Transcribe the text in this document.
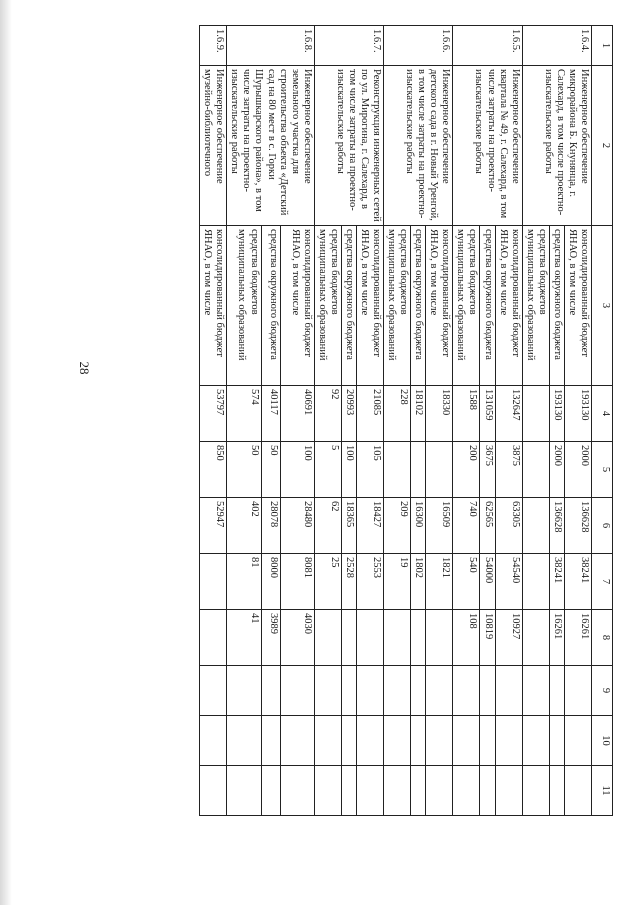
28
1	2	3	4	5	6	7	8	9	10	11
1.6.4.	Инженерное обеспечение микрорайона Б. Кнунянца, г. Салехард, в том числе проектно-изыскательские работы	консолидированный бюджет ЯНАО, в том числе	193130	2000	136628	38241	16261			
		средства окружного бюджета	193130	2000	136628	38241	16261			
		средства бюджетов муниципальных образований								
1.6.5.	Инженерное обеспечение квартала № 49, г. Салехард, в том числе затраты на проектно-изыскательские работы	консолидированный бюджет ЯНАО, в том числе	132647	3875	63305	54540	10927			
		средства окружного бюджета	131059	3675	62565	54000	10819			
		средства бюджетов муниципальных образований	1588	200	740	540	108			
1.6.6.	Инженерное обеспечение детского сада в г. Новый Уренгой, в том числе затраты на проектно-изыскательские работы	консолидированный бюджет ЯНАО, в том числе	18330		16509	1821				
		средства окружного бюджета	18102		16300	1802				
		средства бюджетов муниципальных образований	228		209	19				
1.6.7.	Реконструкция инженерных сетей по ул. Мирогина, г. Салехард, в том числе затраты на проектно-изыскательские работы	консолидированный бюджет ЯНАО, в том числе	21085	105	18427	2553				
		средства окружного бюджета	20993	100	18365	2528				
		средства бюджетов муниципальных образований	92	5	62	25				
1.6.8.	Инженерное обеспечение земельного участка для строительства объекта «Детский сад на 80 мест в с. Горки Шурышкарского района», в том числе затраты на проектно-изыскательские работы	консолидированный бюджет ЯНАО, в том числе	40691	100	28480	8081	4030			
		средства окружного бюджета	40117	50	28078	8000	3989			
		средства бюджетов муниципальных образований	574	50	402	81	41			
1.6.9.	Инженерное обеспечение музейно-библиотечного	консолидированный бюджет ЯНАО, в том числе	53797	850	52947					
